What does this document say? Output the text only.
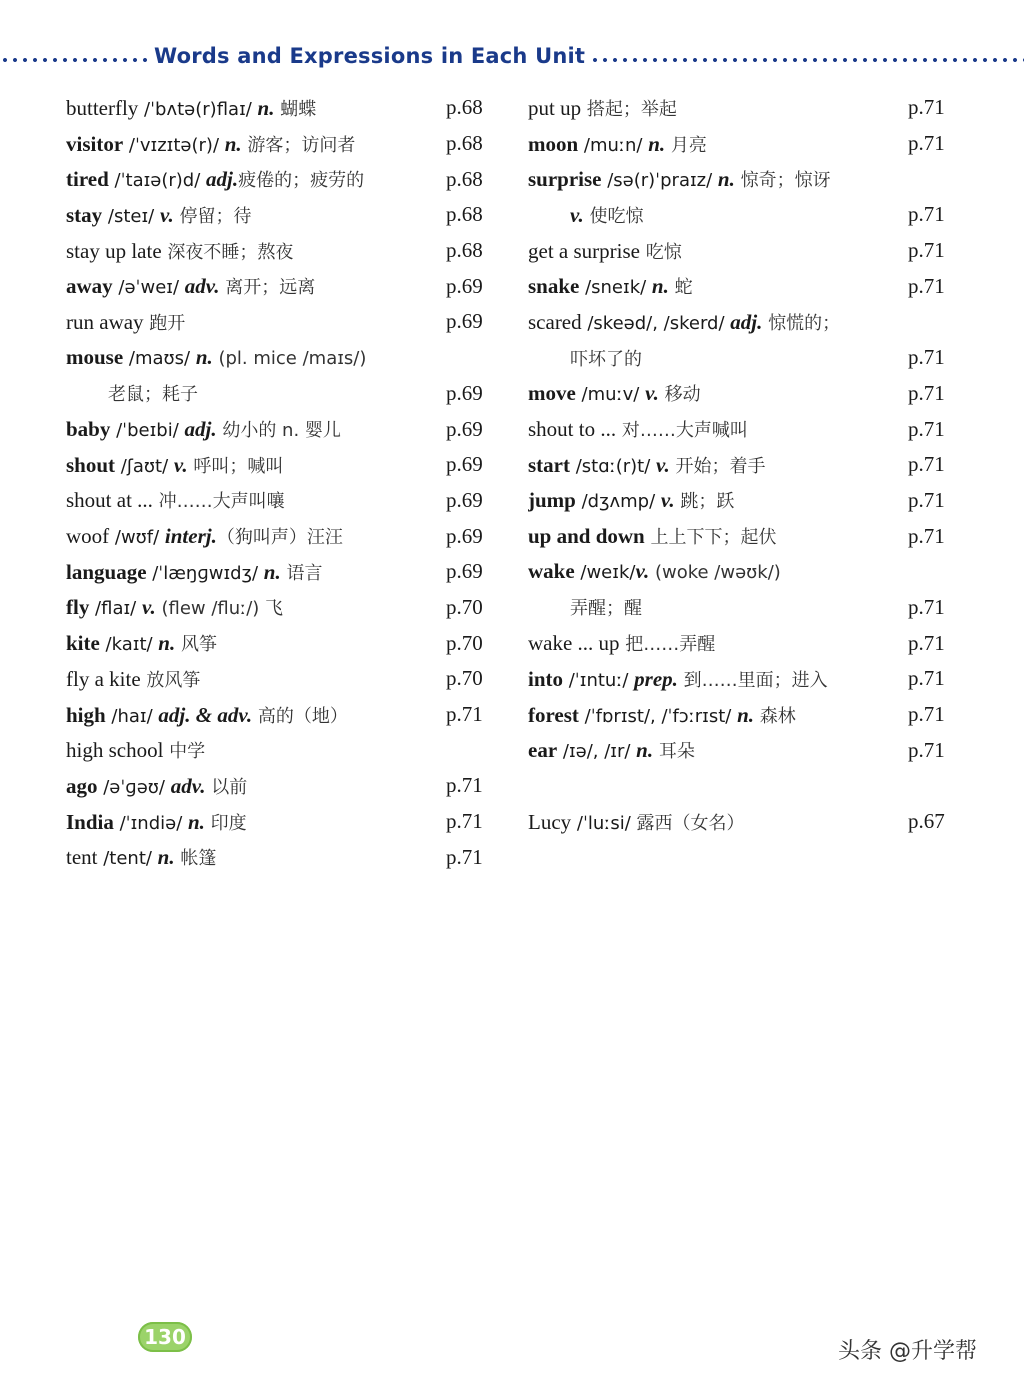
Words and Expressions in Each Unit
butterfly /ˈbʌtə(r)flaɪ/ n. 蝴蝶	p.68
visitor /ˈvɪzɪtə(r)/ n. 游客；访问者	p.68
tired /ˈtaɪə(r)d/ adj.疲倦的；疲劳的	p.68
stay /steɪ/ v. 停留；待	p.68
stay up late 深夜不睡；熬夜	p.68
away /əˈweɪ/ adv. 离开；远离	p.69
run away 跑开	p.69
mouse /maʊs/ n. (pl. mice /maɪs/)
老鼠；耗子	p.69
baby /ˈbeɪbi/ adj. 幼小的 n. 婴儿	p.69
shout /ʃaʊt/ v. 呼叫；喊叫	p.69
shout at ... 冲……大声叫嚷	p.69
woof /wʊf/ interj.（狗叫声）汪汪	p.69
language /ˈlæŋɡwɪdʒ/ n. 语言	p.69
fly /flaɪ/ v. (flew /fluː/) 飞	p.70
kite /kaɪt/ n. 风筝	p.70
fly a kite 放风筝	p.70
high /haɪ/ adj. & adv. 高的（地）	p.71
high school 中学
ago /əˈɡəʊ/ adv. 以前	p.71
India /ˈɪndiə/ n. 印度	p.71
tent /tent/ n. 帐篷	p.71
put up 搭起；举起	p.71
moon /muːn/ n. 月亮	p.71
surprise /sə(r)ˈpraɪz/ n. 惊奇；惊讶
v. 使吃惊	p.71
get a surprise 吃惊	p.71
snake /sneɪk/ n. 蛇	p.71
scared /skeəd/, /skerd/ adj. 惊慌的；
吓坏了的	p.71
move /muːv/ v. 移动	p.71
shout to ... 对……大声喊叫	p.71
start /stɑː(r)t/ v. 开始；着手	p.71
jump /dʒʌmp/ v. 跳；跃	p.71
up and down 上上下下；起伏	p.71
wake /weɪk/v. (woke /wəʊk/)
弄醒；醒	p.71
wake ... up 把……弄醒	p.71
into /ˈɪntuː/ prep. 到……里面；进入	p.71
forest /ˈfɒrɪst/, /ˈfɔːrɪst/ n. 森林	p.71
ear /ɪə/, /ɪr/ n. 耳朵	p.71
Lucy /ˈluːsi/ 露西（女名）	p.67
130
头条 @升学帮
